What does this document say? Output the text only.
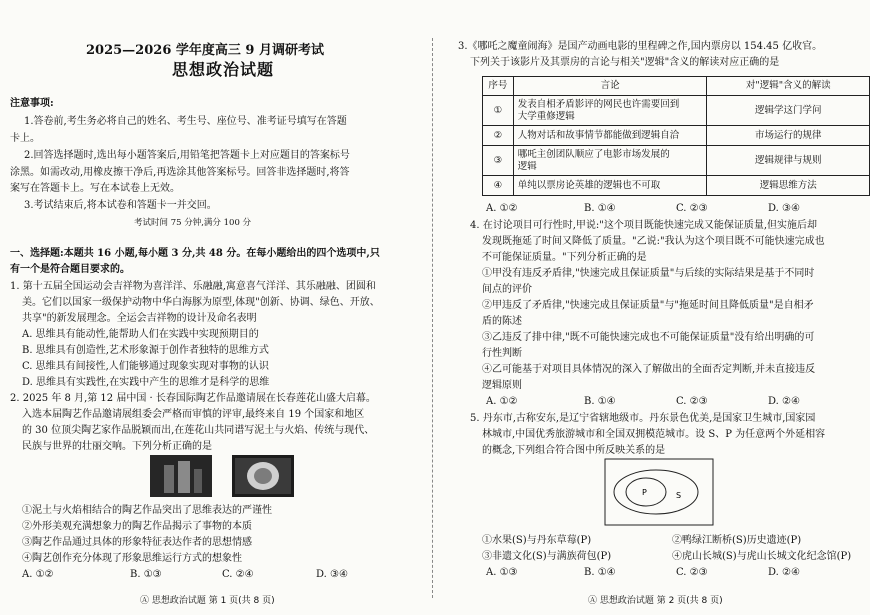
2025—2026 学年度高三 9 月调研考试
思想政治试题
注意事项:
1.答卷前,考生务必将自己的姓名、考生号、座位号、准考证号填写在答题
卡上。
2.回答选择题时,选出每小题答案后,用铅笔把答题卡上对应题目的答案标号
涂黑。如需改动,用橡皮擦干净后,再选涂其他答案标号。回答非选择题时,将答
案写在答题卡上。写在本试卷上无效。
3.考试结束后,将本试卷和答题卡一并交回。
考试时间 75 分钟,满分 100 分
一、选择题:本题共 16 小题,每小题 3 分,共 48 分。在每小题给出的四个选项中,只
有一个是符合题目要求的。
1. 第十五届全国运动会吉祥物为喜洋洋、乐融融,寓意喜气洋洋、其乐融融、团圆和
美。它们以国家一级保护动物中华白海豚为原型,体现"创新、协调、绿色、开放、
共享"的新发展理念。全运会吉祥物的设计及命名表明
A. 思维具有能动性,能帮助人们在实践中实现预期目的
B. 思维具有创造性,艺术形象源于创作者独特的思维方式
C. 思维具有间接性,人们能够通过现象实现对事物的认识
D. 思维具有实践性,在实践中产生的思维才是科学的思维
2. 2025 年 8 月,第 12 届中国 · 长春国际陶艺作品邀请展在长春莲花山盛大启幕。
入选本届陶艺作品邀请展组委会严格而审慎的评审,最终来自 19 个国家和地区
的 30 位顶尖陶艺家作品脱颖而出,在莲花山共同谱写泥土与火焰、传统与现代、
民族与世界的壮丽交响。下列分析正确的是
①泥土与火焰相结合的陶艺作品突出了思维表达的严谨性
②外形美观充满想象力的陶艺作品揭示了事物的本质
③陶艺作品通过具体的形象特征表达作者的思想情感
④陶艺创作充分体现了形象思维运行方式的想象性
A. ①②	B. ①③	C. ②④	D. ③④
Ⓐ 思想政治试题 第 1 页(共 8 页)
3.《哪吒之魔童闹海》是国产动画电影的里程碑之作,国内票房以 154.45 亿收官。
下列关于该影片及其票房的言论与相关"逻辑"含义的解读对应正确的是
序号	言论	对"逻辑"含义的解读
①	发表自相矛盾影评的网民也许需要回到
大学重修逻辑	逻辑学这门学问
②	人物对话和故事情节都能做到逻辑自洽	市场运行的规律
③	哪吒主创团队顺应了电影市场发展的
逻辑	逻辑规律与规则
④	单纯以票房论英雄的逻辑也不可取	逻辑思维方法
A. ①②	B. ①④	C. ②③	D. ③④
4. 在讨论项目可行性时,甲说:"这个项目既能快速完成又能保证质量,但实施后却
发现既拖延了时间又降低了质量。"乙说:"我认为这个项目既不可能快速完成也
不可能保证质量。"下列分析正确的是
①甲没有违反矛盾律,"快速完成且保证质量"与后续的实际结果是基于不同时
间点的评价
②甲违反了矛盾律,"快速完成且保证质量"与"拖延时间且降低质量"是自相矛
盾的陈述
③乙违反了排中律,"既不可能快速完成也不可能保证质量"没有给出明确的可
行性判断
④乙可能基于对项目具体情况的深入了解做出的全面否定判断,并未直接违反
逻辑原则
A. ①②	B. ①④	C. ②③	D. ②④
5. 丹东市,古称安东,是辽宁省辖地级市。丹东景色优美,是国家卫生城市,国家园
林城市,中国优秀旅游城市和全国双拥模范城市。设 S、P 为任意两个外延相容
的概念,下列组合符合图中所反映关系的是
P	S
①水果(S)与丹东草莓(P)	②鸭绿江断桥(S)历史遗迹(P)
③非遗文化(S)与满族荷包(P)	④虎山长城(S)与虎山长城文化纪念馆(P)
A. ①③	B. ①④	C. ②③	D. ②④
Ⓐ 思想政治试题 第 2 页(共 8 页)
